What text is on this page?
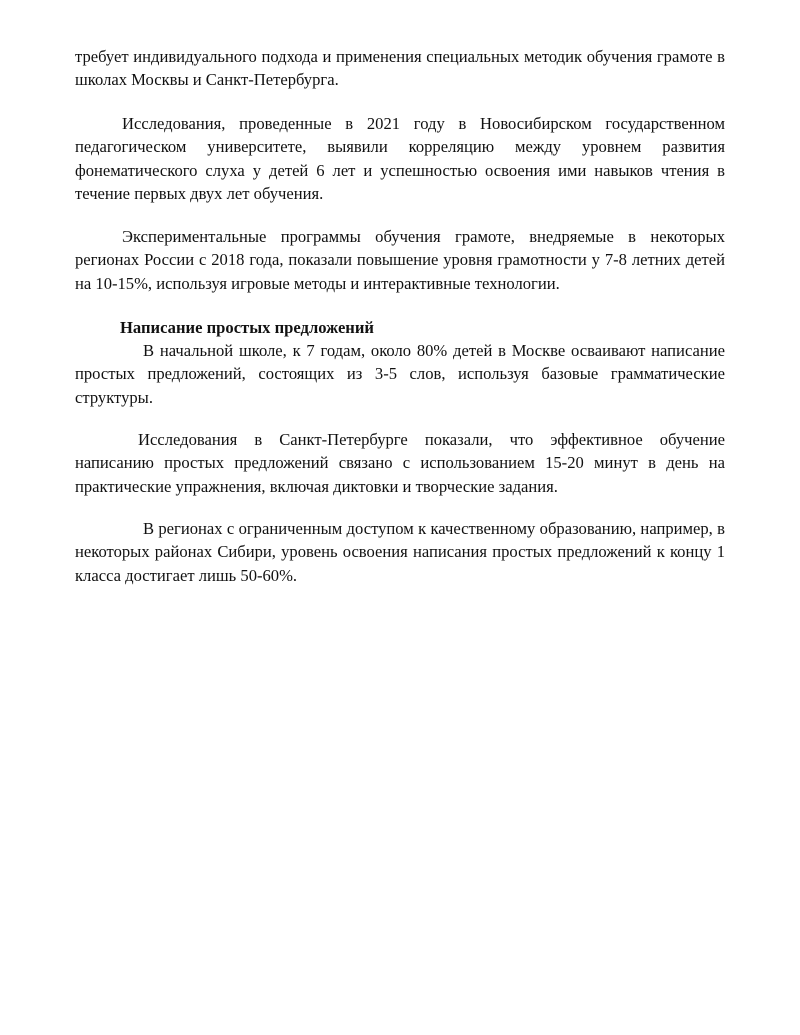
требует индивидуального подхода и применения специальных методик обучения грамоте в школах Москвы и Санкт-Петербурга.

Исследования, проведенные в 2021 году в Новосибирском государственном педагогическом университете, выявили корреляцию между уровнем развития фонематического слуха у детей 6 лет и успешностью освоения ими навыков чтения в течение первых двух лет обучения.

Экспериментальные программы обучения грамоте, внедряемые в некоторых регионах России с 2018 года, показали повышение уровня грамотности у 7-8 летних детей на 10-15%, используя игровые методы и интерактивные технологии.

Написание простых предложений

В начальной школе, к 7 годам, около 80% детей в Москве осваивают написание простых предложений, состоящих из 3-5 слов, используя базовые грамматические структуры.

Исследования в Санкт-Петербурге показали, что эффективное обучение написанию простых предложений связано с использованием 15-20 минут в день на практические упражнения, включая диктовки и творческие задания.

В регионах с ограниченным доступом к качественному образованию, например, в некоторых районах Сибири, уровень освоения написания простых предложений к концу 1 класса достигает лишь 50-60%.
